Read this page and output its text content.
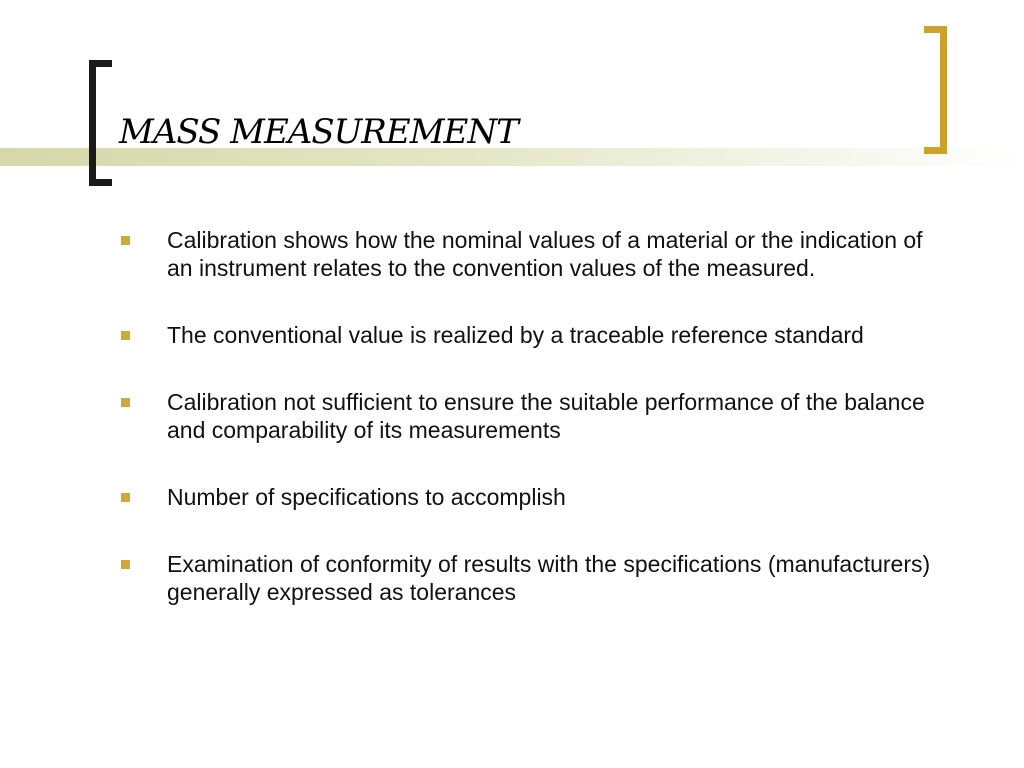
MASS MEASUREMENT
Calibration shows how the nominal values of a material or the indication of an instrument relates to the convention values of the measured.
The conventional value is realized by a traceable reference standard
Calibration not sufficient to ensure the suitable performance of the balance and comparability of its measurements
Number of specifications to accomplish
Examination of conformity of results with the specifications (manufacturers) generally expressed as tolerances
